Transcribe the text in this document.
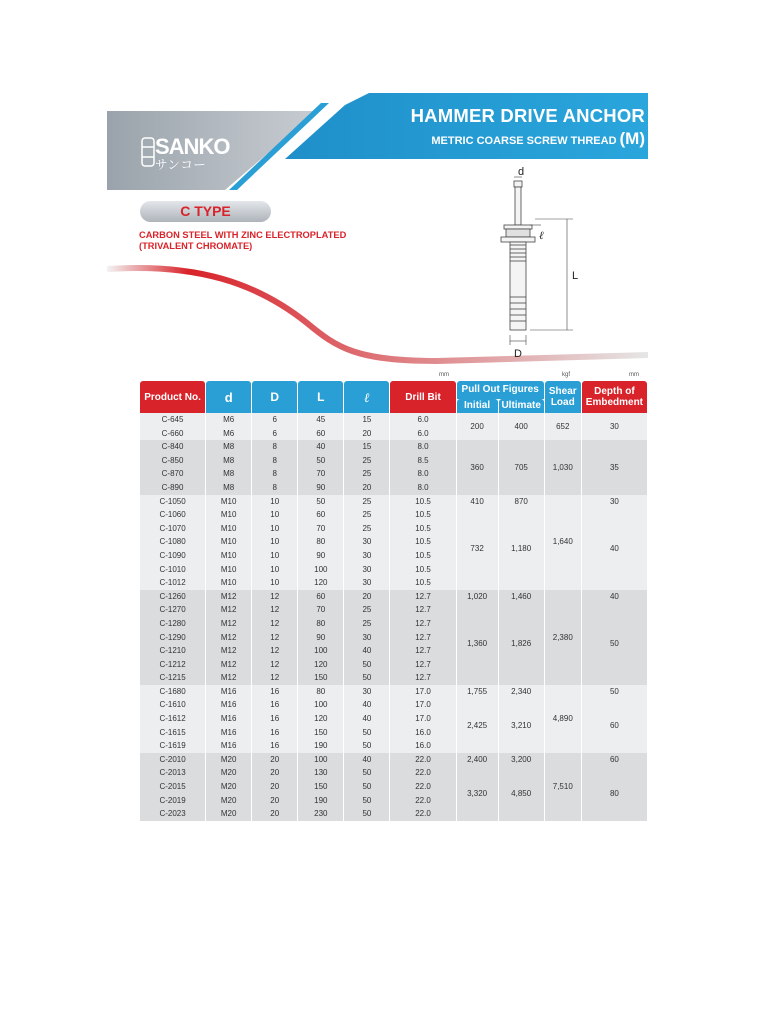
SANKO
サンコー
HAMMER DRIVE ANCHOR
METRIC COARSE SCREW THREAD (M)
C TYPE
CARBON STEEL WITH ZINC ELECTROPLATED
(TRIVALENT CHROMATE)
d
ℓ
L
D
mm	kgf	mm
Product No.	d	D	L	ℓ	Drill Bit	Pull Out Figures		Shear Load	Depth of Embedment
						Initial	Ultimate		
C-645	M6	6	45	15	6.0	200	400	652	30
C-660	M6	6	60	20	6.0				
C-840	M8	8	40	15	8.0	360	705	1,030	35
C-850	M8	8	50	25	8.5				
C-870	M8	8	70	25	8.0				
C-890	M8	8	90	20	8.0				
C-1050	M10	10	50	25	10.5	410	870	1,640	30
C-1060	M10	10	60	25	10.5	732	1,180		40
C-1070	M10	10	70	25	10.5				
C-1080	M10	10	80	30	10.5				
C-1090	M10	10	90	30	10.5				
C-1010	M10	10	100	30	10.5				
C-1012	M10	10	120	30	10.5				
C-1260	M12	12	60	20	12.7	1,020	1,460	2,380	40
C-1270	M12	12	70	25	12.7	1,360	1,826		50
C-1280	M12	12	80	25	12.7				
C-1290	M12	12	90	30	12.7				
C-1210	M12	12	100	40	12.7				
C-1212	M12	12	120	50	12.7				
C-1215	M12	12	150	50	12.7				
C-1680	M16	16	80	30	17.0	1,755	2,340	4,890	50
C-1610	M16	16	100	40	17.0	2,425	3,210		60
C-1612	M16	16	120	40	17.0				
C-1615	M16	16	150	50	16.0				
C-1619	M16	16	190	50	16.0				
C-2010	M20	20	100	40	22.0	2,400	3,200	7,510	60
C-2013	M20	20	130	50	22.0	3,320	4,850		80
C-2015	M20	20	150	50	22.0				
C-2019	M20	20	190	50	22.0				
C-2023	M20	20	230	50	22.0				
